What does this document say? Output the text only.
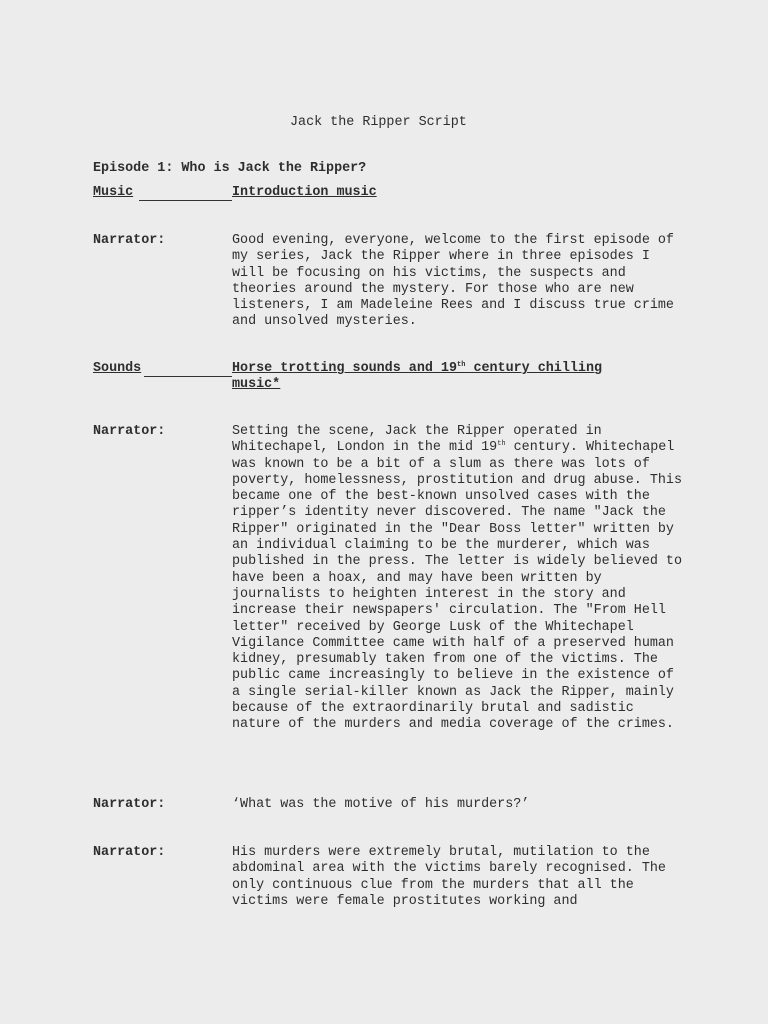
Jack the Ripper Script
Episode 1: Who is Jack the Ripper?
Music	Introduction music
Narrator:	Good evening, everyone, welcome to the first episode of my series, Jack the Ripper where in three episodes I will be focusing on his victims, the suspects and theories around the mystery. For those who are new listeners, I am Madeleine Rees and I discuss true crime and unsolved mysteries.
Sounds	Horse trotting sounds and 19th century chilling music*
Narrator:	Setting the scene, Jack the Ripper operated in Whitechapel, London in the mid 19th century. Whitechapel was known to be a bit of a slum as there was lots of poverty, homelessness, prostitution and drug abuse. This became one of the best-known unsolved cases with the ripper’s identity never discovered. The name "Jack the Ripper" originated in the "Dear Boss letter" written by an individual claiming to be the murderer, which was published in the press. The letter is widely believed to have been a hoax, and may have been written by journalists to heighten interest in the story and increase their newspapers' circulation. The "From Hell letter" received by George Lusk of the Whitechapel Vigilance Committee came with half of a preserved human kidney, presumably taken from one of the victims. The public came increasingly to believe in the existence of a single serial-killer known as Jack the Ripper, mainly because of the extraordinarily brutal and sadistic nature of the murders and media coverage of the crimes.
Narrator:	‘What was the motive of his murders?’
Narrator:	His murders were extremely brutal, mutilation to the abdominal area with the victims barely recognised. The only continuous clue from the murders that all the victims were female prostitutes working and
